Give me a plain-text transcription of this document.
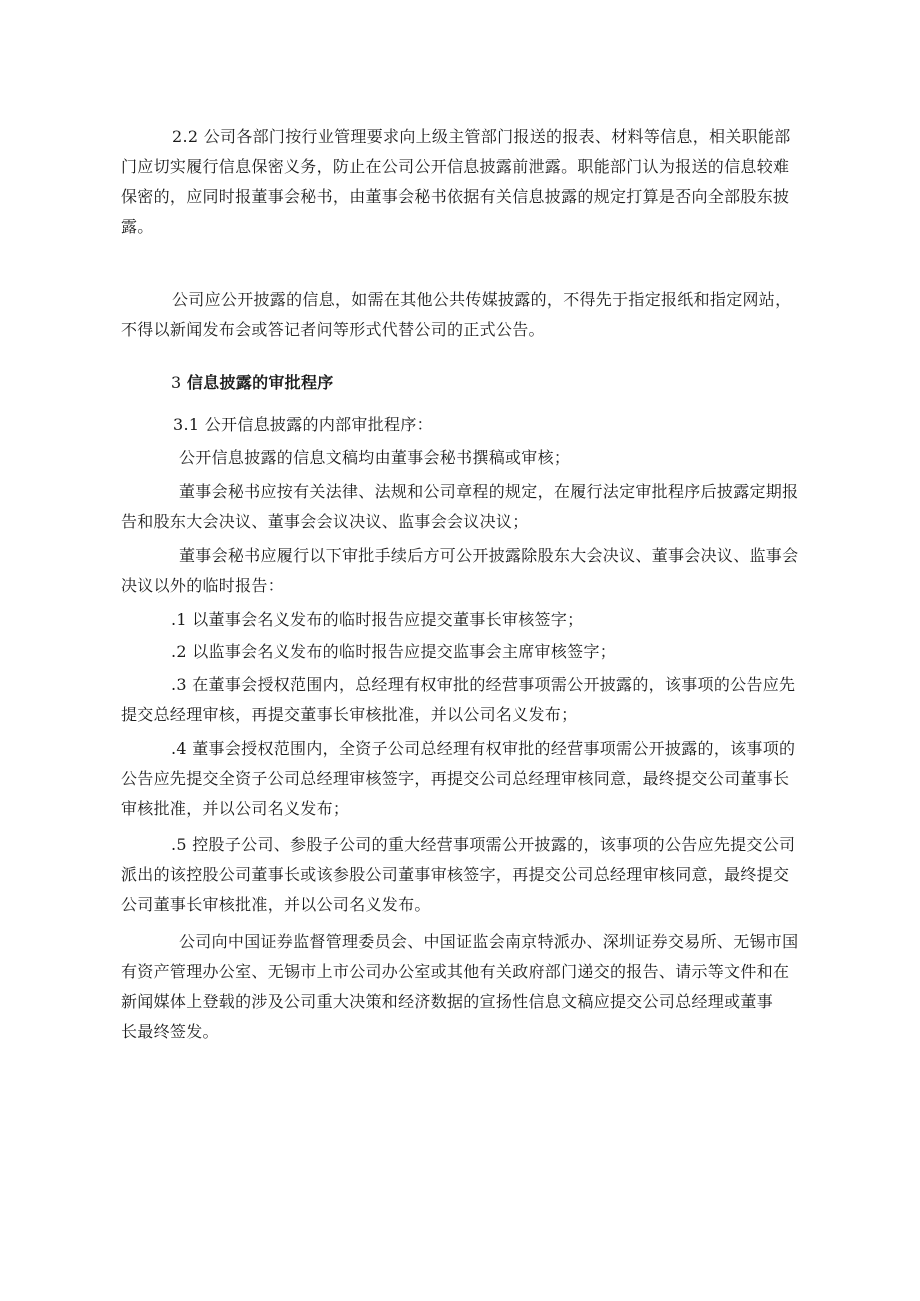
2.2 公司各部门按行业管理要求向上级主管部门报送的报表、材料等信息，相关职能部
门应切实履行信息保密义务，防止在公司公开信息披露前泄露。职能部门认为报送的信息较难
保密的，应同时报董事会秘书，由董事会秘书依据有关信息披露的规定打算是否向全部股东披
露。
公司应公开披露的信息，如需在其他公共传媒披露的，不得先于指定报纸和指定网站，
不得以新闻发布会或答记者问等形式代替公司的正式公告。
3 信息披露的审批程序
3.1 公开信息披露的内部审批程序：
公开信息披露的信息文稿均由董事会秘书撰稿或审核；
董事会秘书应按有关法律、法规和公司章程的规定，在履行法定审批程序后披露定期报
告和股东大会决议、董事会会议决议、监事会会议决议；
董事会秘书应履行以下审批手续后方可公开披露除股东大会决议、董事会决议、监事会
决议以外的临时报告：
.1 以董事会名义发布的临时报告应提交董事长审核签字；
.2 以监事会名义发布的临时报告应提交监事会主席审核签字；
.3 在董事会授权范围内，总经理有权审批的经营事项需公开披露的，该事项的公告应先
提交总经理审核，再提交董事长审核批准，并以公司名义发布；
.4 董事会授权范围内，全资子公司总经理有权审批的经营事项需公开披露的，该事项的
公告应先提交全资子公司总经理审核签字，再提交公司总经理审核同意，最终提交公司董事长
审核批准，并以公司名义发布；
.5 控股子公司、参股子公司的重大经营事项需公开披露的，该事项的公告应先提交公司
派出的该控股公司董事长或该参股公司董事审核签字，再提交公司总经理审核同意，最终提交
公司董事长审核批准，并以公司名义发布。
公司向中国证券监督管理委员会、中国证监会南京特派办、深圳证券交易所、无锡市国
有资产管理办公室、无锡市上市公司办公室或其他有关政府部门递交的报告、请示等文件和在
新闻媒体上登载的涉及公司重大决策和经济数据的宣扬性信息文稿应提交公司总经理或董事
长最终签发。
